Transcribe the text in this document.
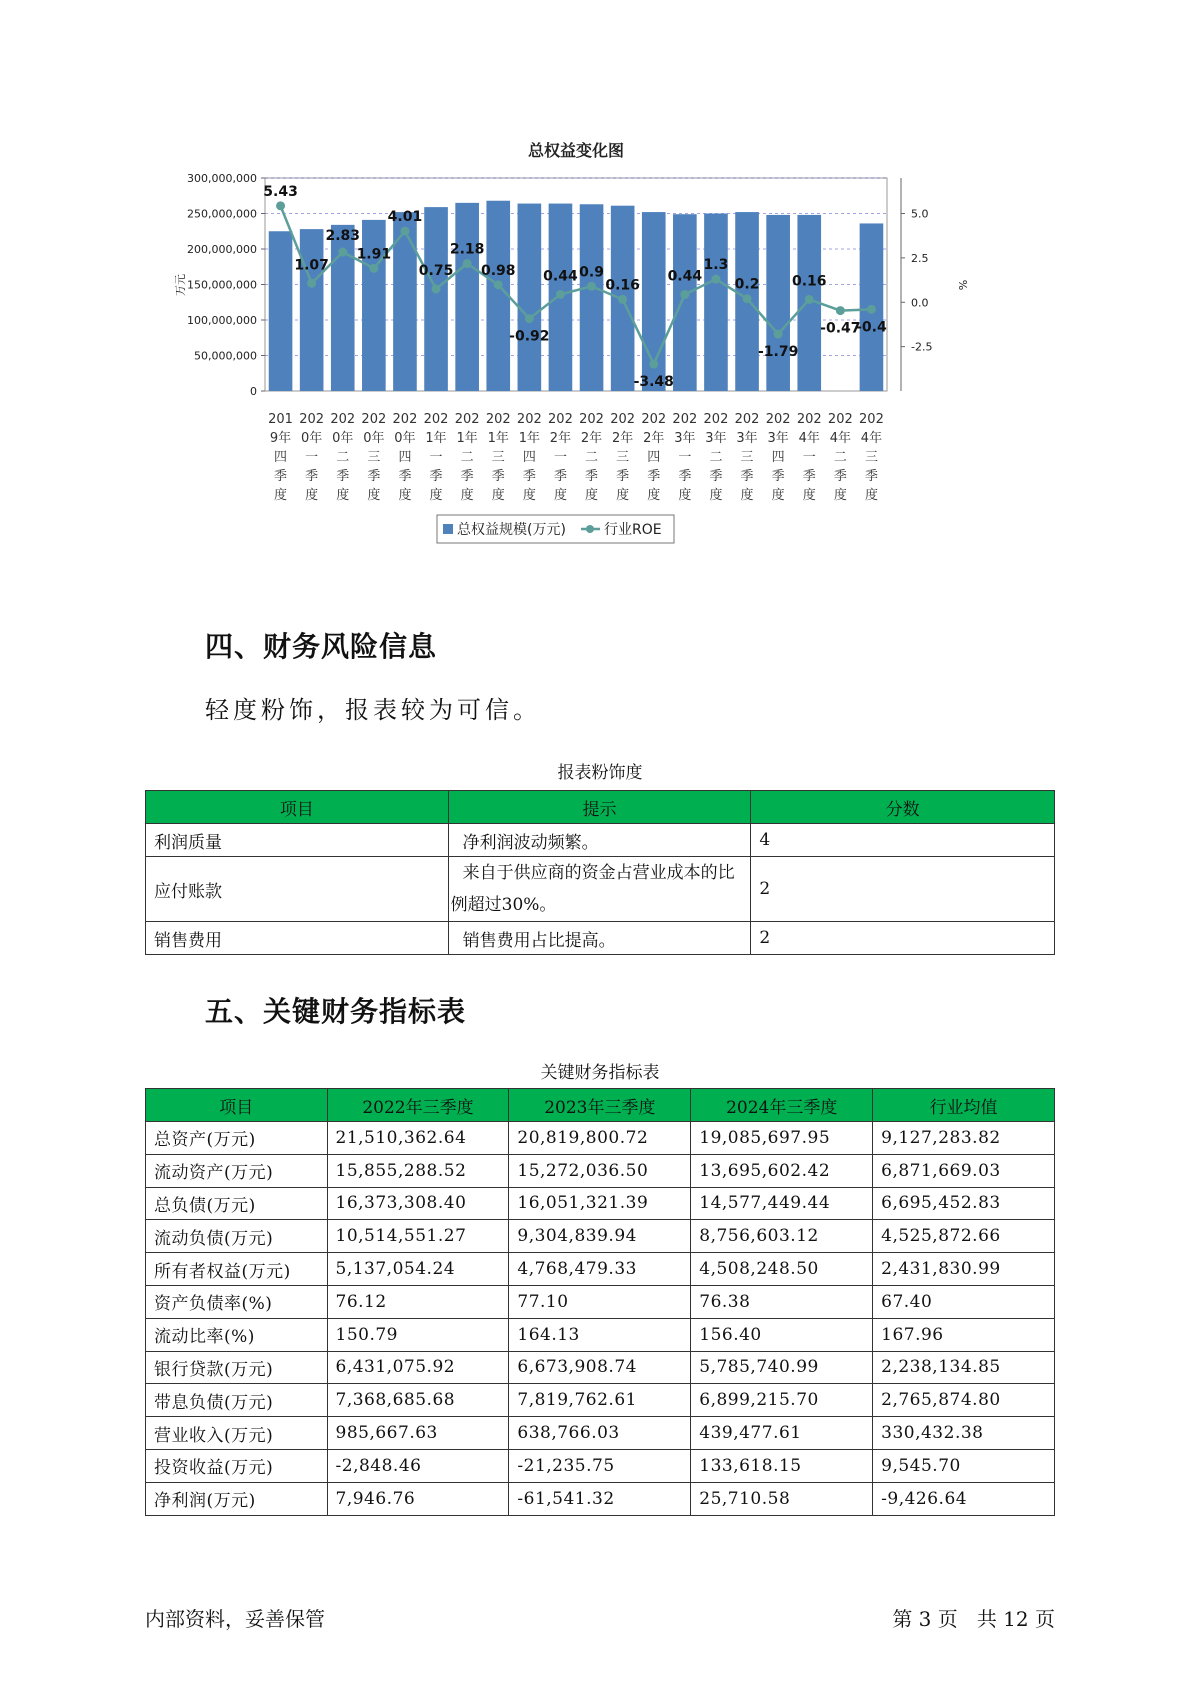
总权益变化图
0
50,000,000
100,000,000
150,000,000
200,000,000
250,000,000
300,000,000
万元
-2.5
0.0
2.5
5.0
%
201
9年
四
季
度
202
0年
一
季
度
202
0年
二
季
度
202
0年
三
季
度
202
0年
四
季
度
202
1年
一
季
度
202
1年
二
季
度
202
1年
三
季
度
202
1年
四
季
度
202
2年
一
季
度
202
2年
二
季
度
202
2年
三
季
度
202
2年
四
季
度
202
3年
一
季
度
202
3年
二
季
度
202
3年
三
季
度
202
3年
四
季
度
202
4年
一
季
度
202
4年
二
季
度
202
4年
三
季
度
5.43
1.07
2.83
1.91
4.01
0.75
2.18
0.98
-0.92
0.44 0.9
0.16
-3.48
0.44
1.3
0.2
-1.79
0.16
-0.47
-0.4
总权益规模(万元)	行业ROE
四、财务风险信息

轻度粉饰，报表较为可信。

报表粉饰度

项目	提示	分数
利润质量	净利润波动频繁。	4
应付账款	来自于供应商的资金占营业成本的比例超过30%。	2
销售费用	销售费用占比提高。	2
五、关键财务指标表

关键财务指标表

项目	2022年三季度	2023年三季度	2024年三季度	行业均值
总资产(万元)	21,510,362.64	20,819,800.72	19,085,697.95	9,127,283.82
流动资产(万元)	15,855,288.52	15,272,036.50	13,695,602.42	6,871,669.03
总负债(万元)	16,373,308.40	16,051,321.39	14,577,449.44	6,695,452.83
流动负债(万元)	10,514,551.27	9,304,839.94	8,756,603.12	4,525,872.66
所有者权益(万元)	5,137,054.24	4,768,479.33	4,508,248.50	2,431,830.99
资产负债率(%)	76.12	77.10	76.38	67.40
流动比率(%)	150.79	164.13	156.40	167.96
银行贷款(万元)	6,431,075.92	6,673,908.74	5,785,740.99	2,238,134.85
带息负债(万元)	7,368,685.68	7,819,762.61	6,899,215.70	2,765,874.80
营业收入(万元)	985,667.63	638,766.03	439,477.61	330,432.38
投资收益(万元)	-2,848.46	-21,235.75	133,618.15	9,545.70
净利润(万元)	7,946.76	-61,541.32	25,710.58	-9,426.64

内部资料，妥善保管	第 3 页   共 12 页
